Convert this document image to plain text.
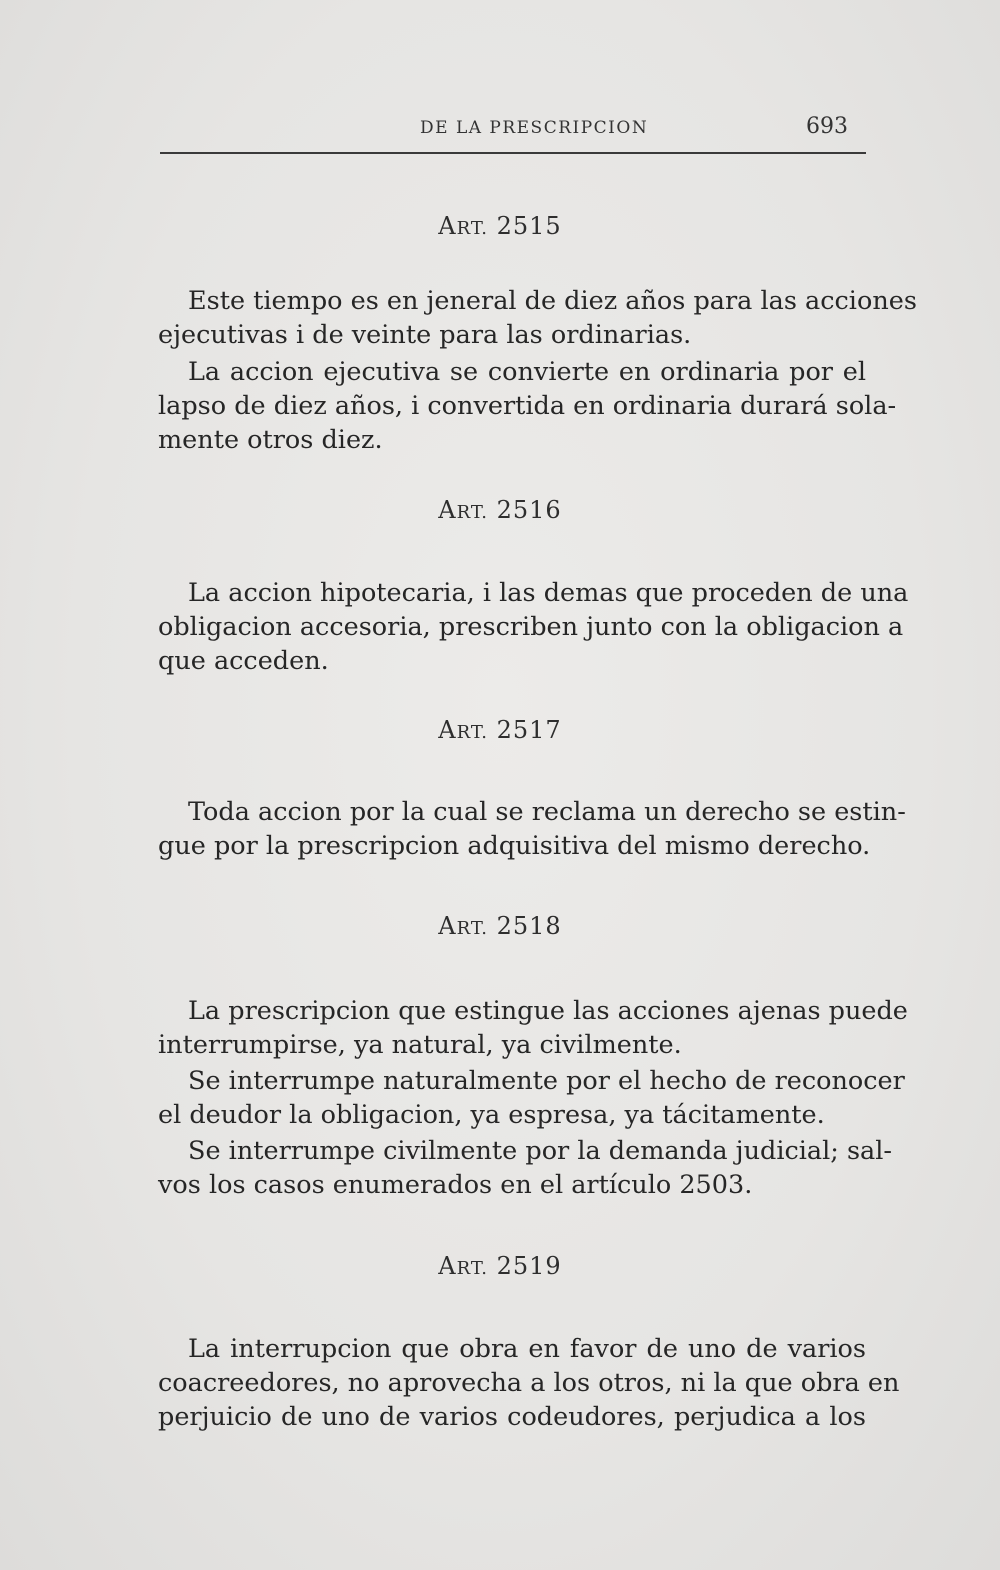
DE LA PRESCRIPCION	693
ART. 2515
Este tiempo es en jeneral de diez años para las acciones
ejecutivas i de veinte para las ordinarias.
La accion ejecutiva se convierte en ordinaria por el
lapso de diez años, i convertida en ordinaria durará sola-
mente otros diez.
ART. 2516
La accion hipotecaria, i las demas que proceden de una
obligacion accesoria, prescriben junto con la obligacion a
que acceden.
ART. 2517
Toda accion por la cual se reclama un derecho se estin-
gue por la prescripcion adquisitiva del mismo derecho.
ART. 2518
La prescripcion que estingue las acciones ajenas puede
interrumpirse, ya natural, ya civilmente.
Se interrumpe naturalmente por el hecho de reconocer
el deudor la obligacion, ya espresa, ya tácitamente.
Se interrumpe civilmente por la demanda judicial; sal-
vos los casos enumerados en el artículo 2503.
ART. 2519
La interrupcion que obra en favor de uno de varios
coacreedores, no aprovecha a los otros, ni la que obra en
perjuicio de uno de varios codeudores, perjudica a los
